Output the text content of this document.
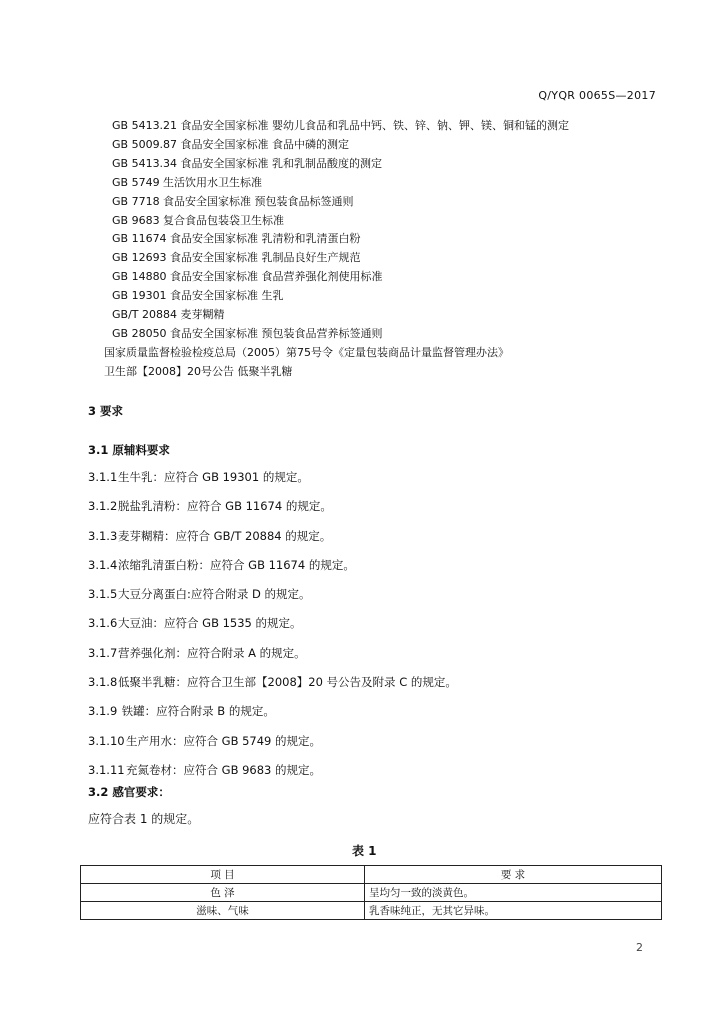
Q/YQR 0065S—2017
GB 5413.21 食品安全国家标准 婴幼儿食品和乳品中钙、铁、锌、钠、钾、镁、铜和锰的测定
GB 5009.87 食品安全国家标准 食品中磷的测定
GB 5413.34 食品安全国家标准 乳和乳制品酸度的测定
GB 5749 生活饮用水卫生标准
GB 7718 食品安全国家标准 预包装食品标签通则
GB 9683 复合食品包装袋卫生标准
GB 11674 食品安全国家标准 乳清粉和乳清蛋白粉
GB 12693 食品安全国家标准 乳制品良好生产规范
GB 14880 食品安全国家标准 食品营养强化剂使用标准
GB 19301 食品安全国家标准 生乳
GB/T 20884 麦芽糊精
GB 28050 食品安全国家标准 预包装食品营养标签通则
国家质量监督检验检疫总局（2005）第75号令《定量包装商品计量监督管理办法》
卫生部【2008】20号公告 低聚半乳糖
3 要求
3.1 原辅料要求
3.1.1生牛乳：应符合 GB 19301 的规定。
3.1.2脱盐乳清粉：应符合 GB 11674 的规定。
3.1.3麦芽糊精：应符合 GB/T 20884 的规定。
3.1.4浓缩乳清蛋白粉：应符合 GB 11674 的规定。
3.1.5大豆分离蛋白:应符合附录 D 的规定。
3.1.6大豆油：应符合 GB 1535 的规定。
3.1.7营养强化剂：应符合附录 A 的规定。
3.1.8低聚半乳糖：应符合卫生部【2008】20 号公告及附录 C 的规定。
3.1.9 铁罐：应符合附录 B 的规定。
3.1.10生产用水：应符合 GB 5749 的规定。
3.1.11充氮卷材：应符合 GB 9683 的规定。
3.2 感官要求：
应符合表 1 的规定。
表 1
项 目	要 求
色 泽	呈均匀一致的淡黄色。
滋味、气味	乳香味纯正，无其它异味。
2
